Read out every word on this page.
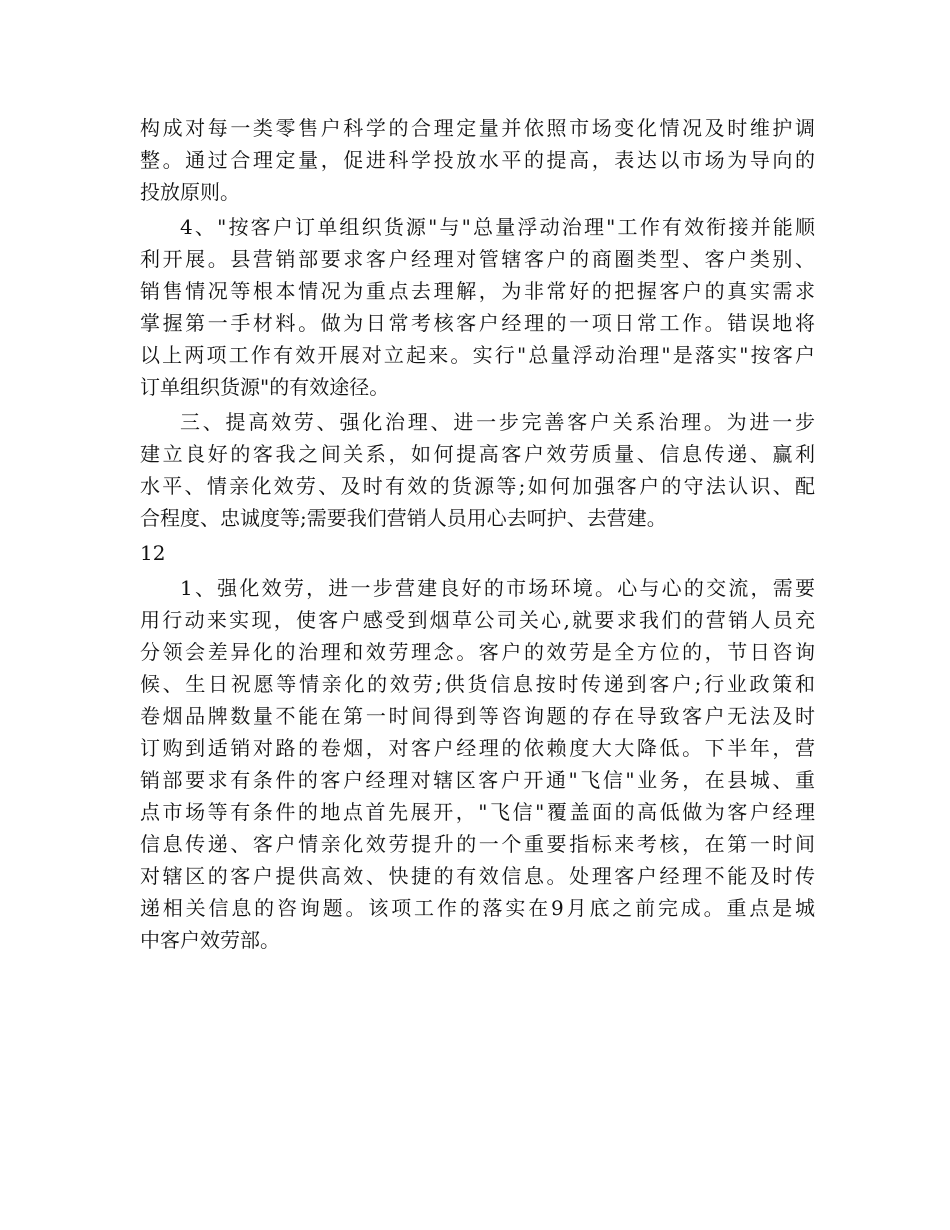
构成对每一类零售户科学的合理定量并依照市场变化情况及时维护调
整。通过合理定量，促进科学投放水平的提高，表达以市场为导向的
投放原则。
4、"按客户订单组织货源"与"总量浮动治理"工作有效衔接并能顺
利开展。县营销部要求客户经理对管辖客户的商圈类型、客户类别、
销售情况等根本情况为重点去理解，为非常好的把握客户的真实需求
掌握第一手材料。做为日常考核客户经理的一项日常工作。错误地将
以上两项工作有效开展对立起来。实行"总量浮动治理"是落实"按客户
订单组织货源"的有效途径。
三、提高效劳、强化治理、进一步完善客户关系治理。为进一步
建立良好的客我之间关系，如何提高客户效劳质量、信息传递、赢利
水平、情亲化效劳、及时有效的货源等;如何加强客户的守法认识、配
合程度、忠诚度等;需要我们营销人员用心去呵护、去营建。
12
1、强化效劳，进一步营建良好的市场环境。心与心的交流，需要
用行动来实现，使客户感受到烟草公司关心,就要求我们的营销人员充
分领会差异化的治理和效劳理念。客户的效劳是全方位的，节日咨询
候、生日祝愿等情亲化的效劳;供货信息按时传递到客户;行业政策和
卷烟品牌数量不能在第一时间得到等咨询题的存在导致客户无法及时
订购到适销对路的卷烟，对客户经理的依赖度大大降低。下半年，营
销部要求有条件的客户经理对辖区客户开通"飞信"业务，在县城、重
点市场等有条件的地点首先展开，"飞信"覆盖面的高低做为客户经理
信息传递、客户情亲化效劳提升的一个重要指标来考核，在第一时间
对辖区的客户提供高效、快捷的有效信息。处理客户经理不能及时传
递相关信息的咨询题。该项工作的落实在9月底之前完成。重点是城
中客户效劳部。
